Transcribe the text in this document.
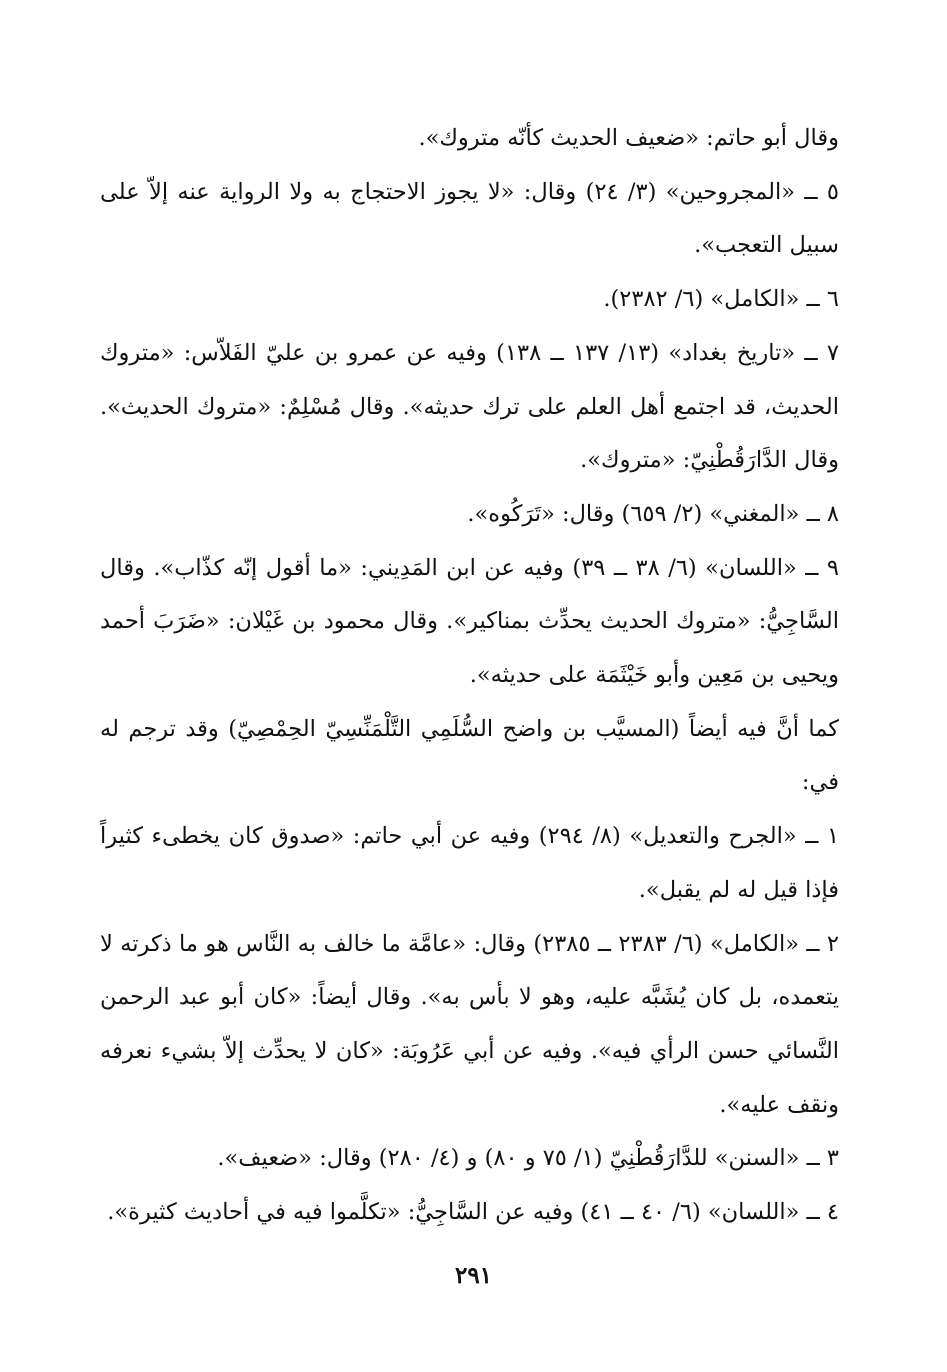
وقال أبو حاتم: «ضعيف الحديث كأنّه متروك».

٥ ــ «المجروحين» (٣/ ٢٤) وقال: «لا يجوز الاحتجاج به ولا الرواية عنه إلاّ على سبيل التعجب».

٦ ــ «الكامل» (٦/ ٢٣٨٢).

٧ ــ «تاريخ بغداد» (١٣/ ١٣٧ ــ ١٣٨) وفيه عن عمرو بن عليّ الفَلاّس: «متروك الحديث، قد اجتمع أهل العلم على ترك حديثه». وقال مُسْلِمٌ: «متروك الحديث». وقال الدَّارَقُطْنِيّ: «متروك».

٨ ــ «المغني» (٢/ ٦٥٩) وقال: «تَرَكُوه».

٩ ــ «اللسان» (٦/ ٣٨ ــ ٣٩) وفيه عن ابن المَدِيني: «ما أقول إنّه كذّاب». وقال السَّاجِيُّ: «متروك الحديث يحدِّث بمناكير». وقال محمود بن غَيْلان: «ضَرَبَ أحمد ويحيى بن مَعِين وأبو خَيْثَمَة على حديثه».

كما أنَّ فيه أيضاً (المسيَّب بن واضح السُّلَمِي التَّلْمَنِّسِيّ الحِمْصِيّ) وقد ترجم له في:

١ ــ «الجرح والتعديل» (٨/ ٢٩٤) وفيه عن أبي حاتم: «صدوق كان يخطىء كثيراً فإذا قيل له لم يقبل».

٢ ــ «الكامل» (٦/ ٢٣٨٣ ــ ٢٣٨٥) وقال: «عامَّة ما خالف به النَّاس هو ما ذكرته لا يتعمده، بل كان يُشَبَّه عليه، وهو لا بأس به». وقال أيضاً: «كان أبو عبد الرحمن النَّسائي حسن الرأي فيه». وفيه عن أبي عَرُوبَة: «كان لا يحدِّث إلاّ بشيء نعرفه ونقف عليه».

٣ ــ «السنن» للدَّارَقُطْنِيّ (١/ ٧٥ و ٨٠) و (٤/ ٢٨٠) وقال: «ضعيف».

٤ ــ «اللسان» (٦/ ٤٠ ــ ٤١) وفيه عن السَّاجِيُّ: «تكلَّموا فيه في أحاديث كثيرة».

٢٩١
